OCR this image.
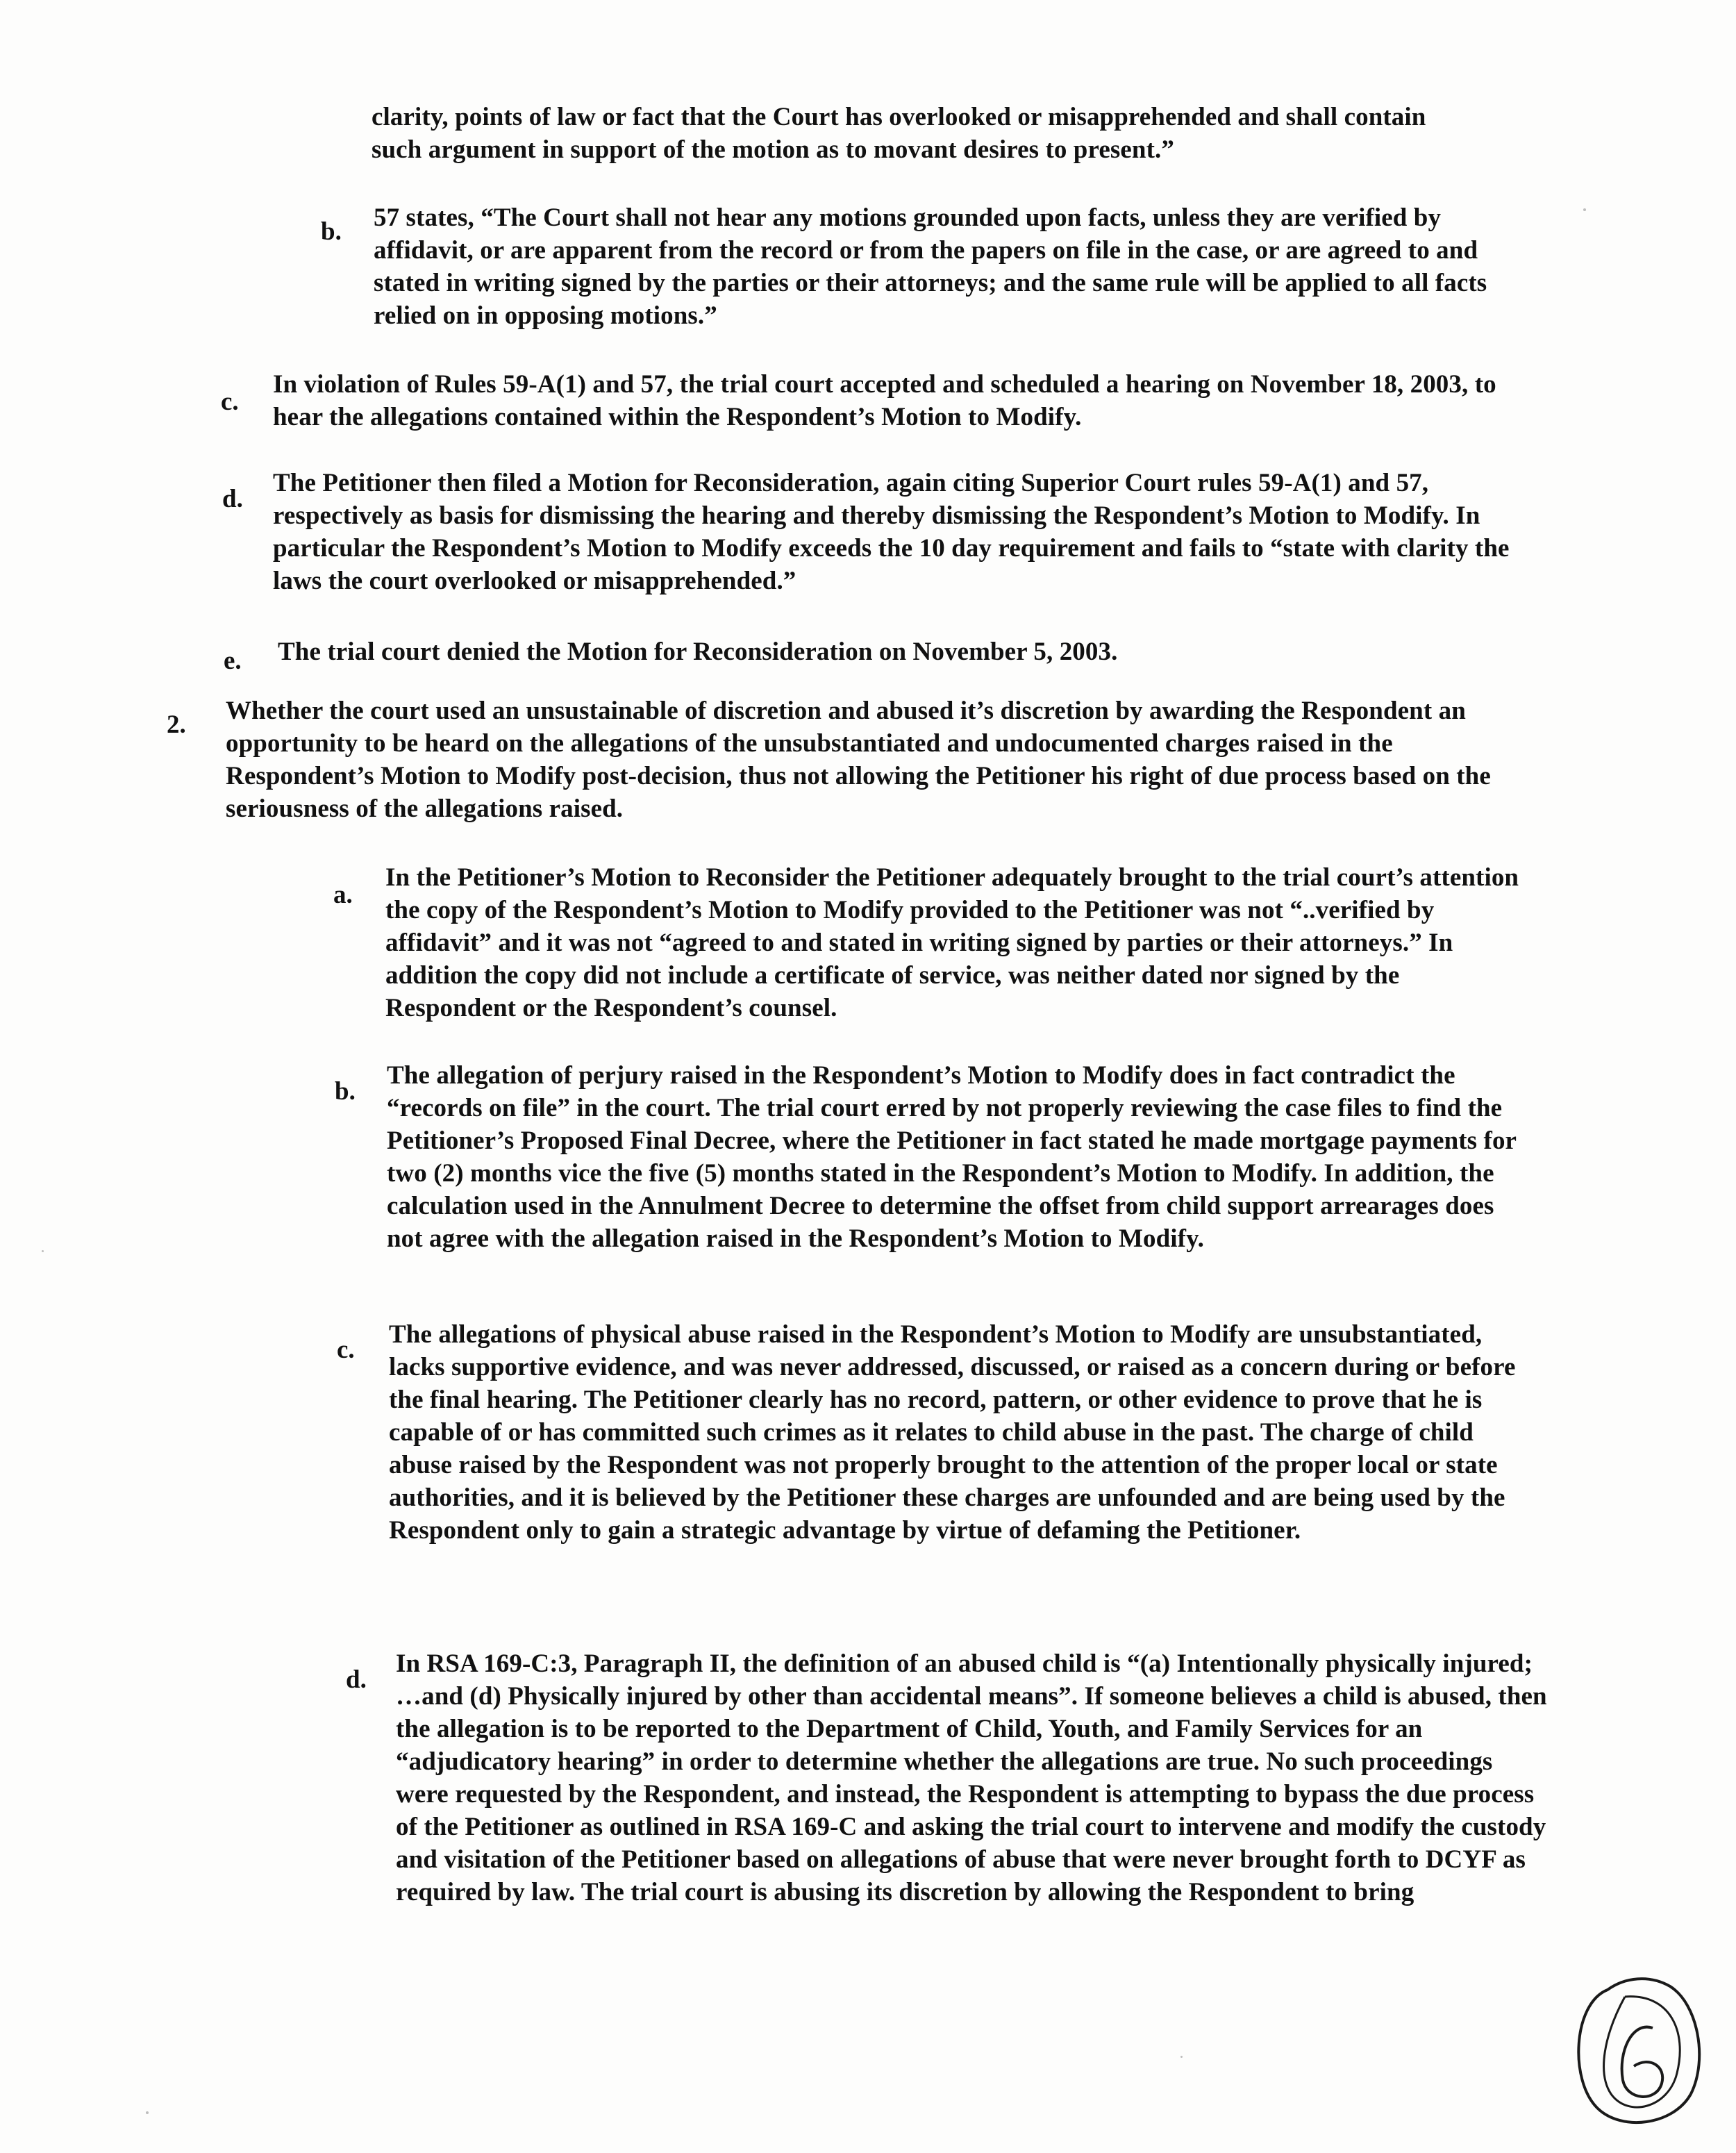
clarity, points of law or fact that the Court has overlooked or misapprehended and shall contain such argument in support of the motion as to movant desires to present.”
b. 57 states, “The Court shall not hear any motions grounded upon facts, unless they are verified by affidavit, or are apparent from the record or from the papers on file in the case, or are agreed to and stated in writing signed by the parties or their attorneys; and the same rule will be applied to all facts relied on in opposing motions.”
c.
In violation of Rules 59-A(1) and 57, the trial court accepted and scheduled a hearing on November 18, 2003, to hear the allegations contained within the Respondent’s Motion to Modify.
d.
The Petitioner then filed a Motion for Reconsideration, again citing Superior Court rules 59-A(1) and 57, respectively as basis for dismissing the hearing and thereby dismissing the Respondent’s Motion to Modify. In particular the Respondent’s Motion to Modify exceeds the 10 day requirement and fails to “state with clarity the laws the court overlooked or misapprehended.”
e. The trial court denied the Motion for Reconsideration on November 5, 2003.
2. Whether the court used an unsustainable of discretion and abused it’s discretion by awarding the Respondent an opportunity to be heard on the allegations of the unsubstantiated and undocumented charges raised in the Respondent’s Motion to Modify post-decision, thus not allowing the Petitioner his right of due process based on the seriousness of the allegations raised.
a.
In the Petitioner’s Motion to Reconsider the Petitioner adequately brought to the trial court’s attention the copy of the Respondent’s Motion to Modify provided to the Petitioner was not “..verified by affidavit” and it was not “agreed to and stated in writing signed by parties or their attorneys.” In addition the copy did not include a certificate of service, was neither dated nor signed by the Respondent or the Respondent’s counsel.
b.
The allegation of perjury raised in the Respondent’s Motion to Modify does in fact contradict the “records on file” in the court. The trial court erred by not properly reviewing the case files to find the Petitioner’s Proposed Final Decree, where the Petitioner in fact stated he made mortgage payments for two (2) months vice the five (5) months stated in the Respondent’s Motion to Modify. In addition, the calculation used in the Annulment Decree to determine the offset from child support arrearages does not agree with the allegation raised in the Respondent’s Motion to Modify.
c.
The allegations of physical abuse raised in the Respondent’s Motion to Modify are unsubstantiated, lacks supportive evidence, and was never addressed, discussed, or raised as a concern during or before the final hearing. The Petitioner clearly has no record, pattern, or other evidence to prove that he is capable of or has committed such crimes as it relates to child abuse in the past. The charge of child abuse raised by the Respondent was not properly brought to the attention of the proper local or state authorities, and it is believed by the Petitioner these charges are unfounded and are being used by the Respondent only to gain a strategic advantage by virtue of defaming the Petitioner.
d.
In RSA 169-C:3, Paragraph II, the definition of an abused child is “(a) Intentionally physically injured; …and (d) Physically injured by other than accidental means”. If someone believes a child is abused, then the allegation is to be reported to the Department of Child, Youth, and Family Services for an “adjudicatory hearing” in order to determine whether the allegations are true. No such proceedings were requested by the Respondent, and instead, the Respondent is attempting to bypass the due process of the Petitioner as outlined in RSA 169-C and asking the trial court to intervene and modify the custody and visitation of the Petitioner based on allegations of abuse that were never brought forth to DCYF as required by law. The trial court is abusing its discretion by allowing the Respondent to bring
6
